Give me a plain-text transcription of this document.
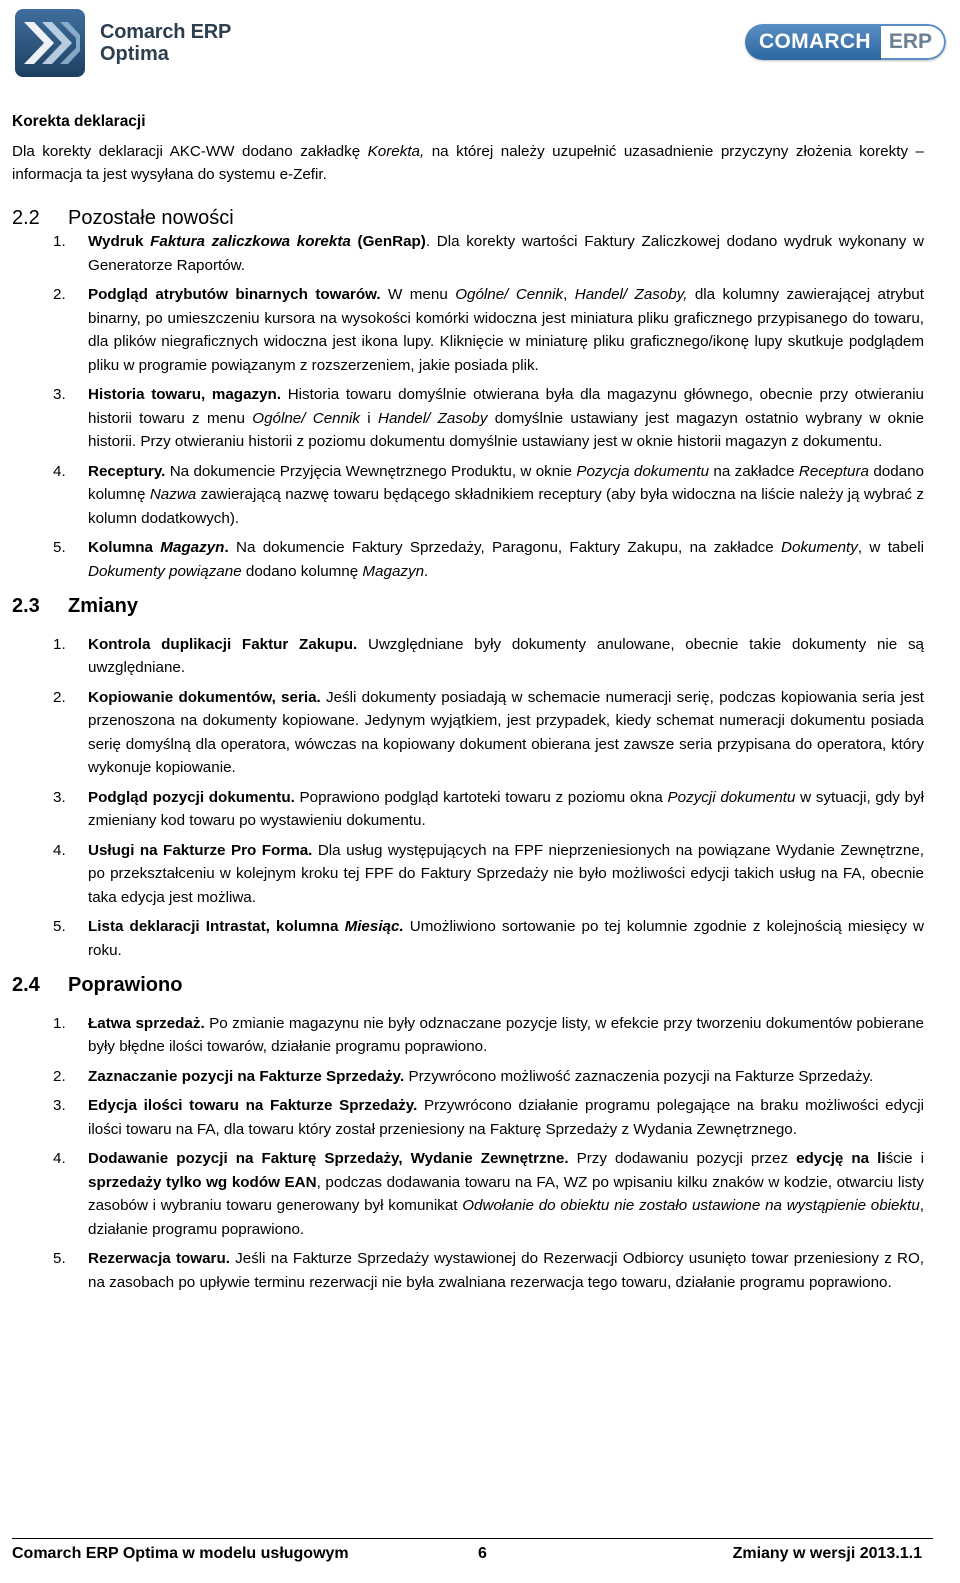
Comarch ERP
Optima
COMARCH ERP

Korekta deklaracji

Dla korekty deklaracji AKC-WW dodano zakładkę Korekta, na której należy uzupełnić uzasadnienie przyczyny złożenia korekty – informacja ta jest wysyłana do systemu e-Zefir.

2.2 Pozostałe nowości

1. Wydruk Faktura zaliczkowa korekta (GenRap). Dla korekty wartości Faktury Zaliczkowej dodano wydruk wykonany w Generatorze Raportów.
2. Podgląd atrybutów binarnych towarów. W menu Ogólne/ Cennik, Handel/ Zasoby, dla kolumny zawierającej atrybut binarny, po umieszczeniu kursora na wysokości komórki widoczna jest miniatura pliku graficznego przypisanego do towaru, dla plików niegraficznych widoczna jest ikona lupy. Kliknięcie w miniaturę pliku graficznego/ikonę lupy skutkuje podglądem pliku w programie powiązanym z rozszerzeniem, jakie posiada plik.
3. Historia towaru, magazyn. Historia towaru domyślnie otwierana była dla magazynu głównego, obecnie przy otwieraniu historii towaru z menu Ogólne/ Cennik i Handel/ Zasoby domyślnie ustawiany jest magazyn ostatnio wybrany w oknie historii. Przy otwieraniu historii z poziomu dokumentu domyślnie ustawiany jest w oknie historii magazyn z dokumentu.
4. Receptury. Na dokumencie Przyjęcia Wewnętrznego Produktu, w oknie Pozycja dokumentu na zakładce Receptura dodano kolumnę Nazwa zawierającą nazwę towaru będącego składnikiem receptury (aby była widoczna na liście należy ją wybrać z kolumn dodatkowych).
5. Kolumna Magazyn. Na dokumencie Faktury Sprzedaży, Paragonu, Faktury Zakupu, na zakładce Dokumenty, w tabeli Dokumenty powiązane dodano kolumnę Magazyn.

2.3 Zmiany

1. Kontrola duplikacji Faktur Zakupu. Uwzględniane były dokumenty anulowane, obecnie takie dokumenty nie są uwzględniane.
2. Kopiowanie dokumentów, seria. Jeśli dokumenty posiadają w schemacie numeracji serię, podczas kopiowania seria jest przenoszona na dokumenty kopiowane. Jedynym wyjątkiem, jest przypadek, kiedy schemat numeracji dokumentu posiada serię domyślną dla operatora, wówczas na kopiowany dokument obierana jest zawsze seria przypisana do operatora, który wykonuje kopiowanie.
3. Podgląd pozycji dokumentu. Poprawiono podgląd kartoteki towaru z poziomu okna Pozycji dokumentu w sytuacji, gdy był zmieniany kod towaru po wystawieniu dokumentu.
4. Usługi na Fakturze Pro Forma. Dla usług występujących na FPF nieprzeniesionych na powiązane Wydanie Zewnętrzne, po przekształceniu w kolejnym kroku tej FPF do Faktury Sprzedaży nie było możliwości edycji takich usług na FA, obecnie taka edycja jest możliwa.
5. Lista deklaracji Intrastat, kolumna Miesiąc. Umożliwiono sortowanie po tej kolumnie zgodnie z kolejnością miesięcy w roku.

2.4 Poprawiono

1. Łatwa sprzedaż. Po zmianie magazynu nie były odznaczane pozycje listy, w efekcie przy tworzeniu dokumentów pobierane były błędne ilości towarów, działanie programu poprawiono.
2. Zaznaczanie pozycji na Fakturze Sprzedaży. Przywrócono możliwość zaznaczenia pozycji na Fakturze Sprzedaży.
3. Edycja ilości towaru na Fakturze Sprzedaży. Przywrócono działanie programu polegające na braku możliwości edycji ilości towaru na FA, dla towaru który został przeniesiony na Fakturę Sprzedaży z Wydania Zewnętrznego.
4. Dodawanie pozycji na Fakturę Sprzedaży, Wydanie Zewnętrzne. Przy dodawaniu pozycji przez edycję na liście i sprzedaży tylko wg kodów EAN, podczas dodawania towaru na FA, WZ po wpisaniu kilku znaków w kodzie, otwarciu listy zasobów i wybraniu towaru generowany był komunikat Odwołanie do obiektu nie zostało ustawione na wystąpienie obiektu, działanie programu poprawiono.
5. Rezerwacja towaru. Jeśli na Fakturze Sprzedaży wystawionej do Rezerwacji Odbiorcy usunięto towar przeniesiony z RO, na zasobach po upływie terminu rezerwacji nie była zwalniana rezerwacja tego towaru, działanie programu poprawiono.
Comarch ERP Optima w modelu usługowym	6	Zmiany w wersji 2013.1.1
